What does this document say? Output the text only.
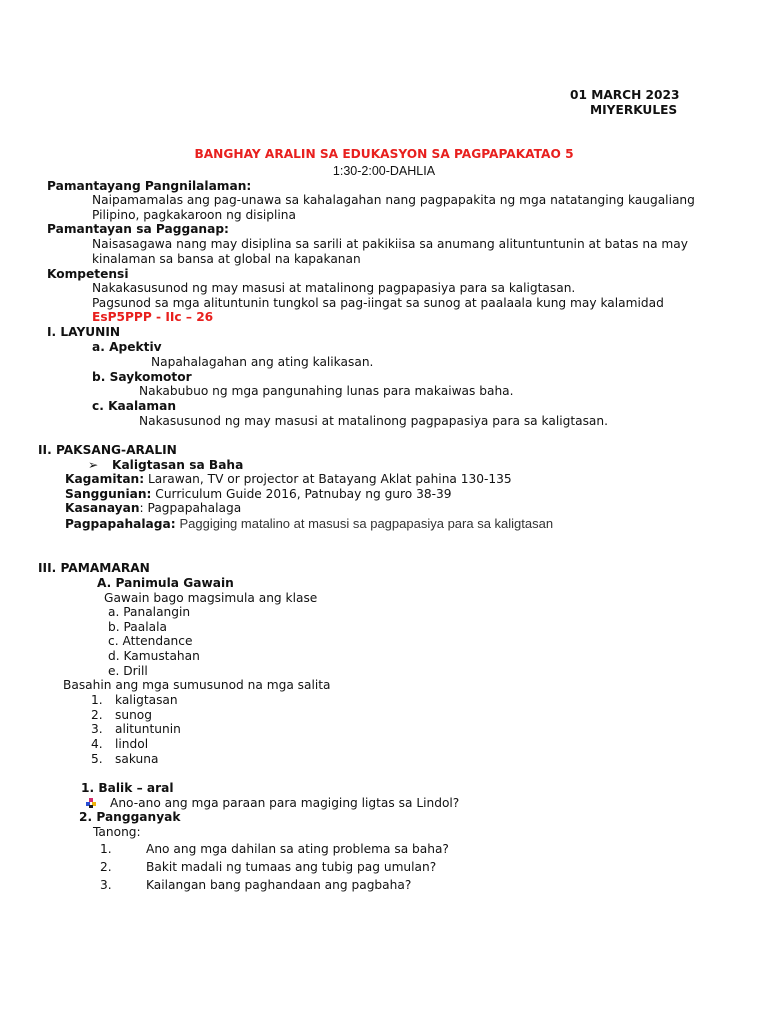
01 MARCH 2023
MIYERKULES
BANGHAY ARALIN SA EDUKASYON SA PAGPAPAKATAO 5
1:30-2:00-DAHLIA
Pamantayang Pangnilalaman:
Naipamamalas ang pag-unawa sa kahalagahan nang pagpapakita ng mga natatanging kaugaliang
Pilipino, pagkakaroon ng disiplina
Pamantayan sa Pagganap:
Naisasagawa nang may disiplina sa sarili at pakikiisa sa anumang alituntuntunin at batas na may
kinalaman sa bansa at global na kapakanan
Kompetensi
Nakakasusunod ng may masusi at matalinong pagpapasiya para sa kaligtasan.
Pagsunod sa mga alituntunin tungkol sa pag-iingat sa sunog at paalaala kung may kalamidad
EsP5PPP - IIc – 26
I. LAYUNIN
a. Apektiv
Napahalagahan ang ating kalikasan.
b. Saykomotor
Nakabubuo ng mga pangunahing lunas para makaiwas baha.
c. Kaalaman
Nakasusunod ng may masusi at matalinong pagpapasiya para sa kaligtasan.
II. PAKSANG-ARALIN
➢ Kaligtasan sa Baha
Kagamitan: Larawan, TV or projector at Batayang Aklat pahina 130-135
Sanggunian: Curriculum Guide 2016, Patnubay ng guro 38-39
Kasanayan: Pagpapahalaga
Pagpapahalaga: Paggiging matalino at masusi sa pagpapasiya para sa kaligtasan
III. PAMAMARAN
A. Panimula Gawain
Gawain bago magsimula ang klase
a. Panalangin
b. Paalala
c. Attendance
d. Kamustahan
e. Drill
Basahin ang mga sumusunod na mga salita
1. kaligtasan
2. sunog
3. alituntunin
4. lindol
5. sakuna
1. Balik – aral
Ano-ano ang mga paraan para magiging ligtas sa Lindol?
2. Pangganyak
Tanong:
1.	Ano ang mga dahilan sa ating problema sa baha?
2.	Bakit madali ng tumaas ang tubig pag umulan?
3.	Kailangan bang paghandaan ang pagbaha?
